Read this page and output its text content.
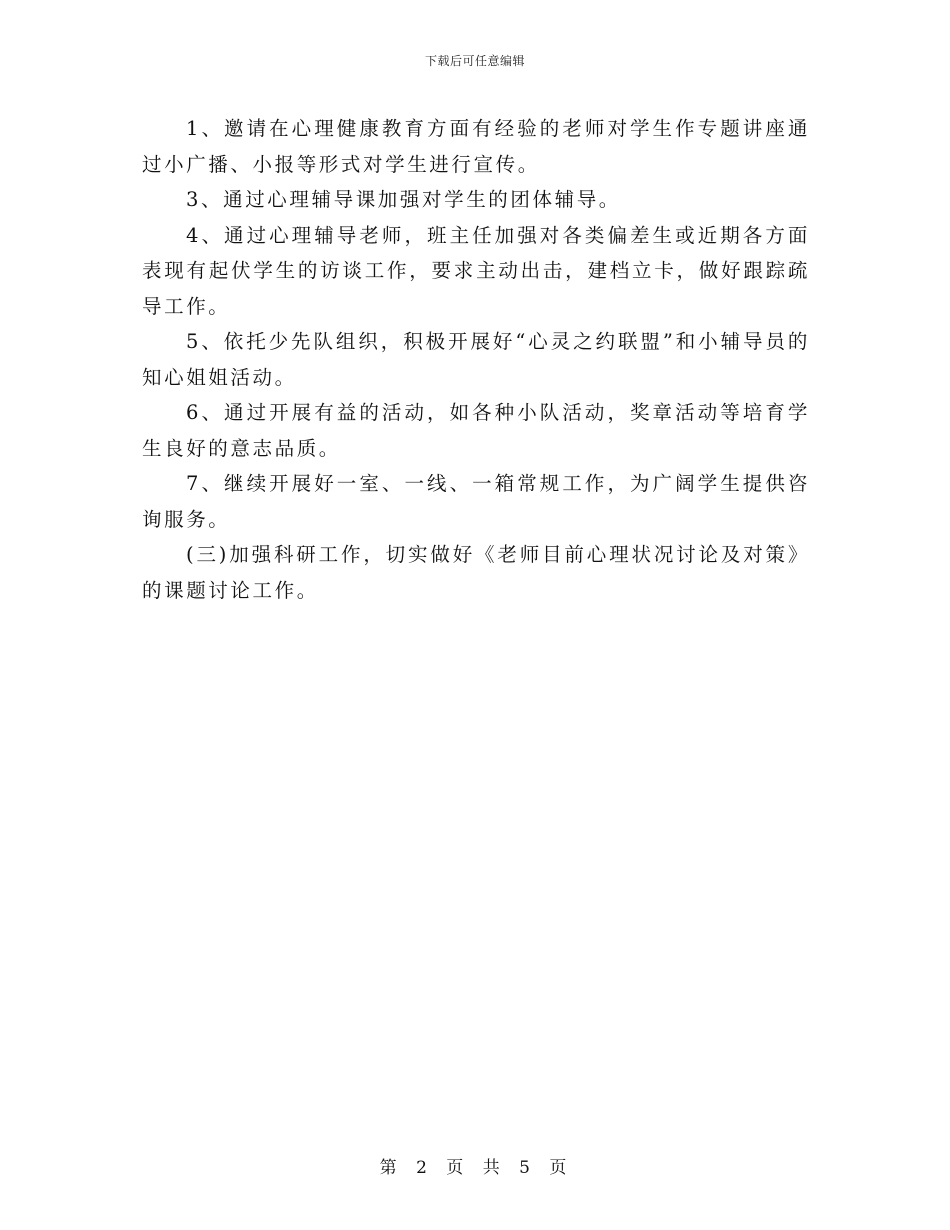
下载后可任意编辑

1、邀请在心理健康教育方面有经验的老师对学生作专题讲座通过小广播、小报等形式对学生进行宣传。

3、通过心理辅导课加强对学生的团体辅导。

4、通过心理辅导老师，班主任加强对各类偏差生或近期各方面表现有起伏学生的访谈工作，要求主动出击，建档立卡，做好跟踪疏导工作。

5、依托少先队组织，积极开展好“心灵之约联盟”和小辅导员的知心姐姐活动。

6、通过开展有益的活动，如各种小队活动，奖章活动等培育学生良好的意志品质。

7、继续开展好一室、一线、一箱常规工作，为广阔学生提供咨询服务。

(三)加强科研工作，切实做好《老师目前心理状况讨论及对策》的课题讨论工作。

第 2 页 共 5 页
